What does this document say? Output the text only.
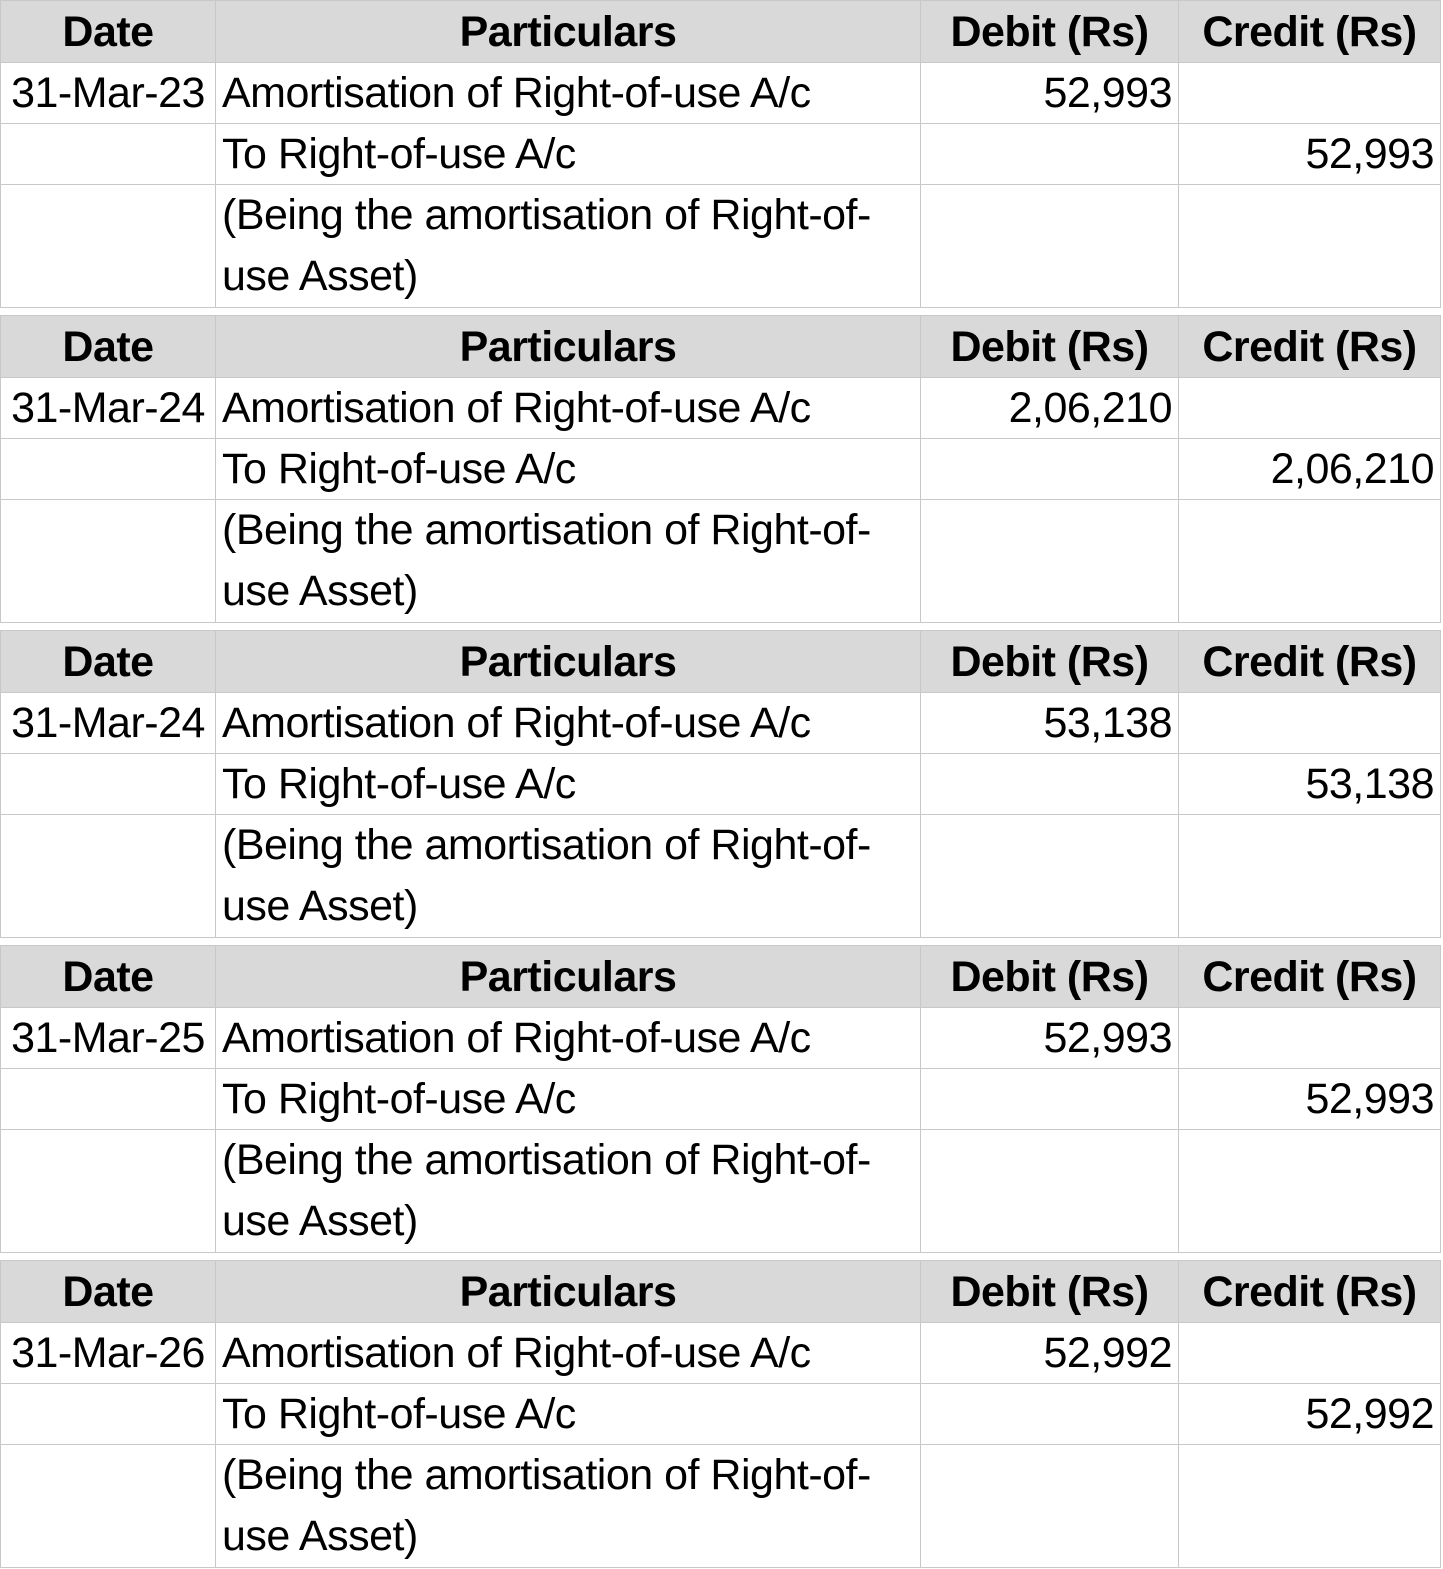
Date	Particulars	Debit (Rs)	Credit (Rs)
31-Mar-23	Amortisation of Right-of-use A/c	52,993	
	To Right-of-use A/c		52,993
	(Being the amortisation of Right-of-use Asset)		
Date	Particulars	Debit (Rs)	Credit (Rs)
31-Mar-24	Amortisation of Right-of-use A/c	2,06,210	
	To Right-of-use A/c		2,06,210
	(Being the amortisation of Right-of-use Asset)		
Date	Particulars	Debit (Rs)	Credit (Rs)
31-Mar-24	Amortisation of Right-of-use A/c	53,138	
	To Right-of-use A/c		53,138
	(Being the amortisation of Right-of-use Asset)		
Date	Particulars	Debit (Rs)	Credit (Rs)
31-Mar-25	Amortisation of Right-of-use A/c	52,993	
	To Right-of-use A/c		52,993
	(Being the amortisation of Right-of-use Asset)		
Date	Particulars	Debit (Rs)	Credit (Rs)
31-Mar-26	Amortisation of Right-of-use A/c	52,992	
	To Right-of-use A/c		52,992
	(Being the amortisation of Right-of-use Asset)		
